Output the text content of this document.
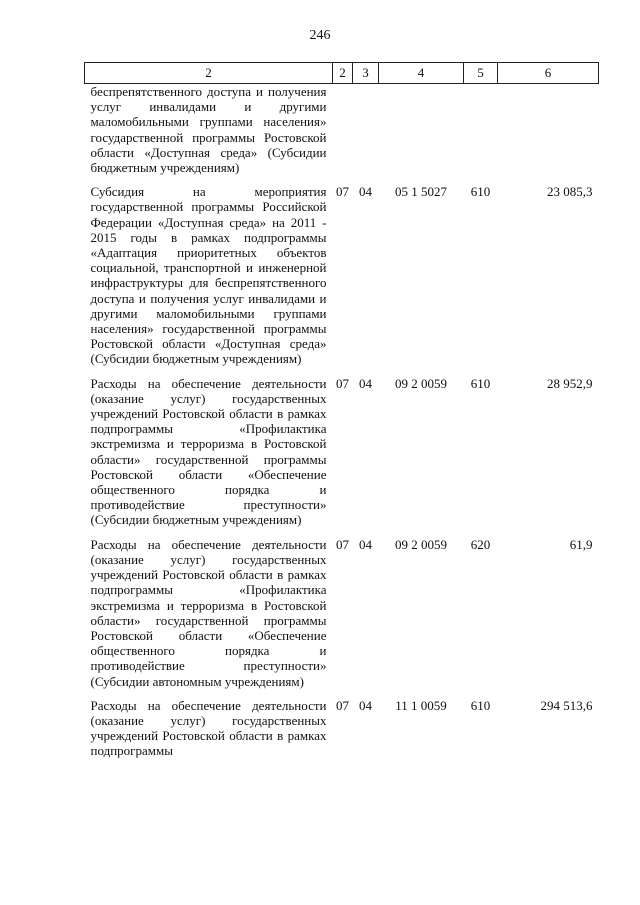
246
2	2	3	4	5	6
беспрепятственного доступа и получения услуг инвалидами и другими маломобильными группами населения» государственной программы Ростовской области «Доступная среда» (Субсидии бюджетным учреждениям)					
Субсидия на мероприятия государственной программы Российской Федерации «Доступная среда» на 2011 - 2015 годы в рамках подпрограммы «Адаптация приоритетных объектов социальной, транспортной и инженерной инфраструктуры для беспрепятственного доступа и получения услуг инвалидами и другими маломобильными группами населения» государственной программы Ростовской области «Доступная среда» (Субсидии бюджетным учреждениям)	07	04	05 1 5027	610	23 085,3
Расходы на обеспечение деятельности (оказание услуг) государственных учреждений Ростовской области в рамках подпрограммы «Профилактика экстремизма и терроризма в Ростовской области» государственной программы Ростовской области «Обеспечение общественного порядка и противодействие преступности» (Субсидии бюджетным учреждениям)	07	04	09 2 0059	610	28 952,9
Расходы на обеспечение деятельности (оказание услуг) государственных учреждений Ростовской области в рамках подпрограммы «Профилактика экстремизма и терроризма в Ростовской области» государственной программы Ростовской области «Обеспечение общественного порядка и противодействие преступности» (Субсидии автономным учреждениям)	07	04	09 2 0059	620	61,9
Расходы на обеспечение деятельности (оказание услуг) государственных учреждений Ростовской области в рамках подпрограммы	07	04	11 1 0059	610	294 513,6
